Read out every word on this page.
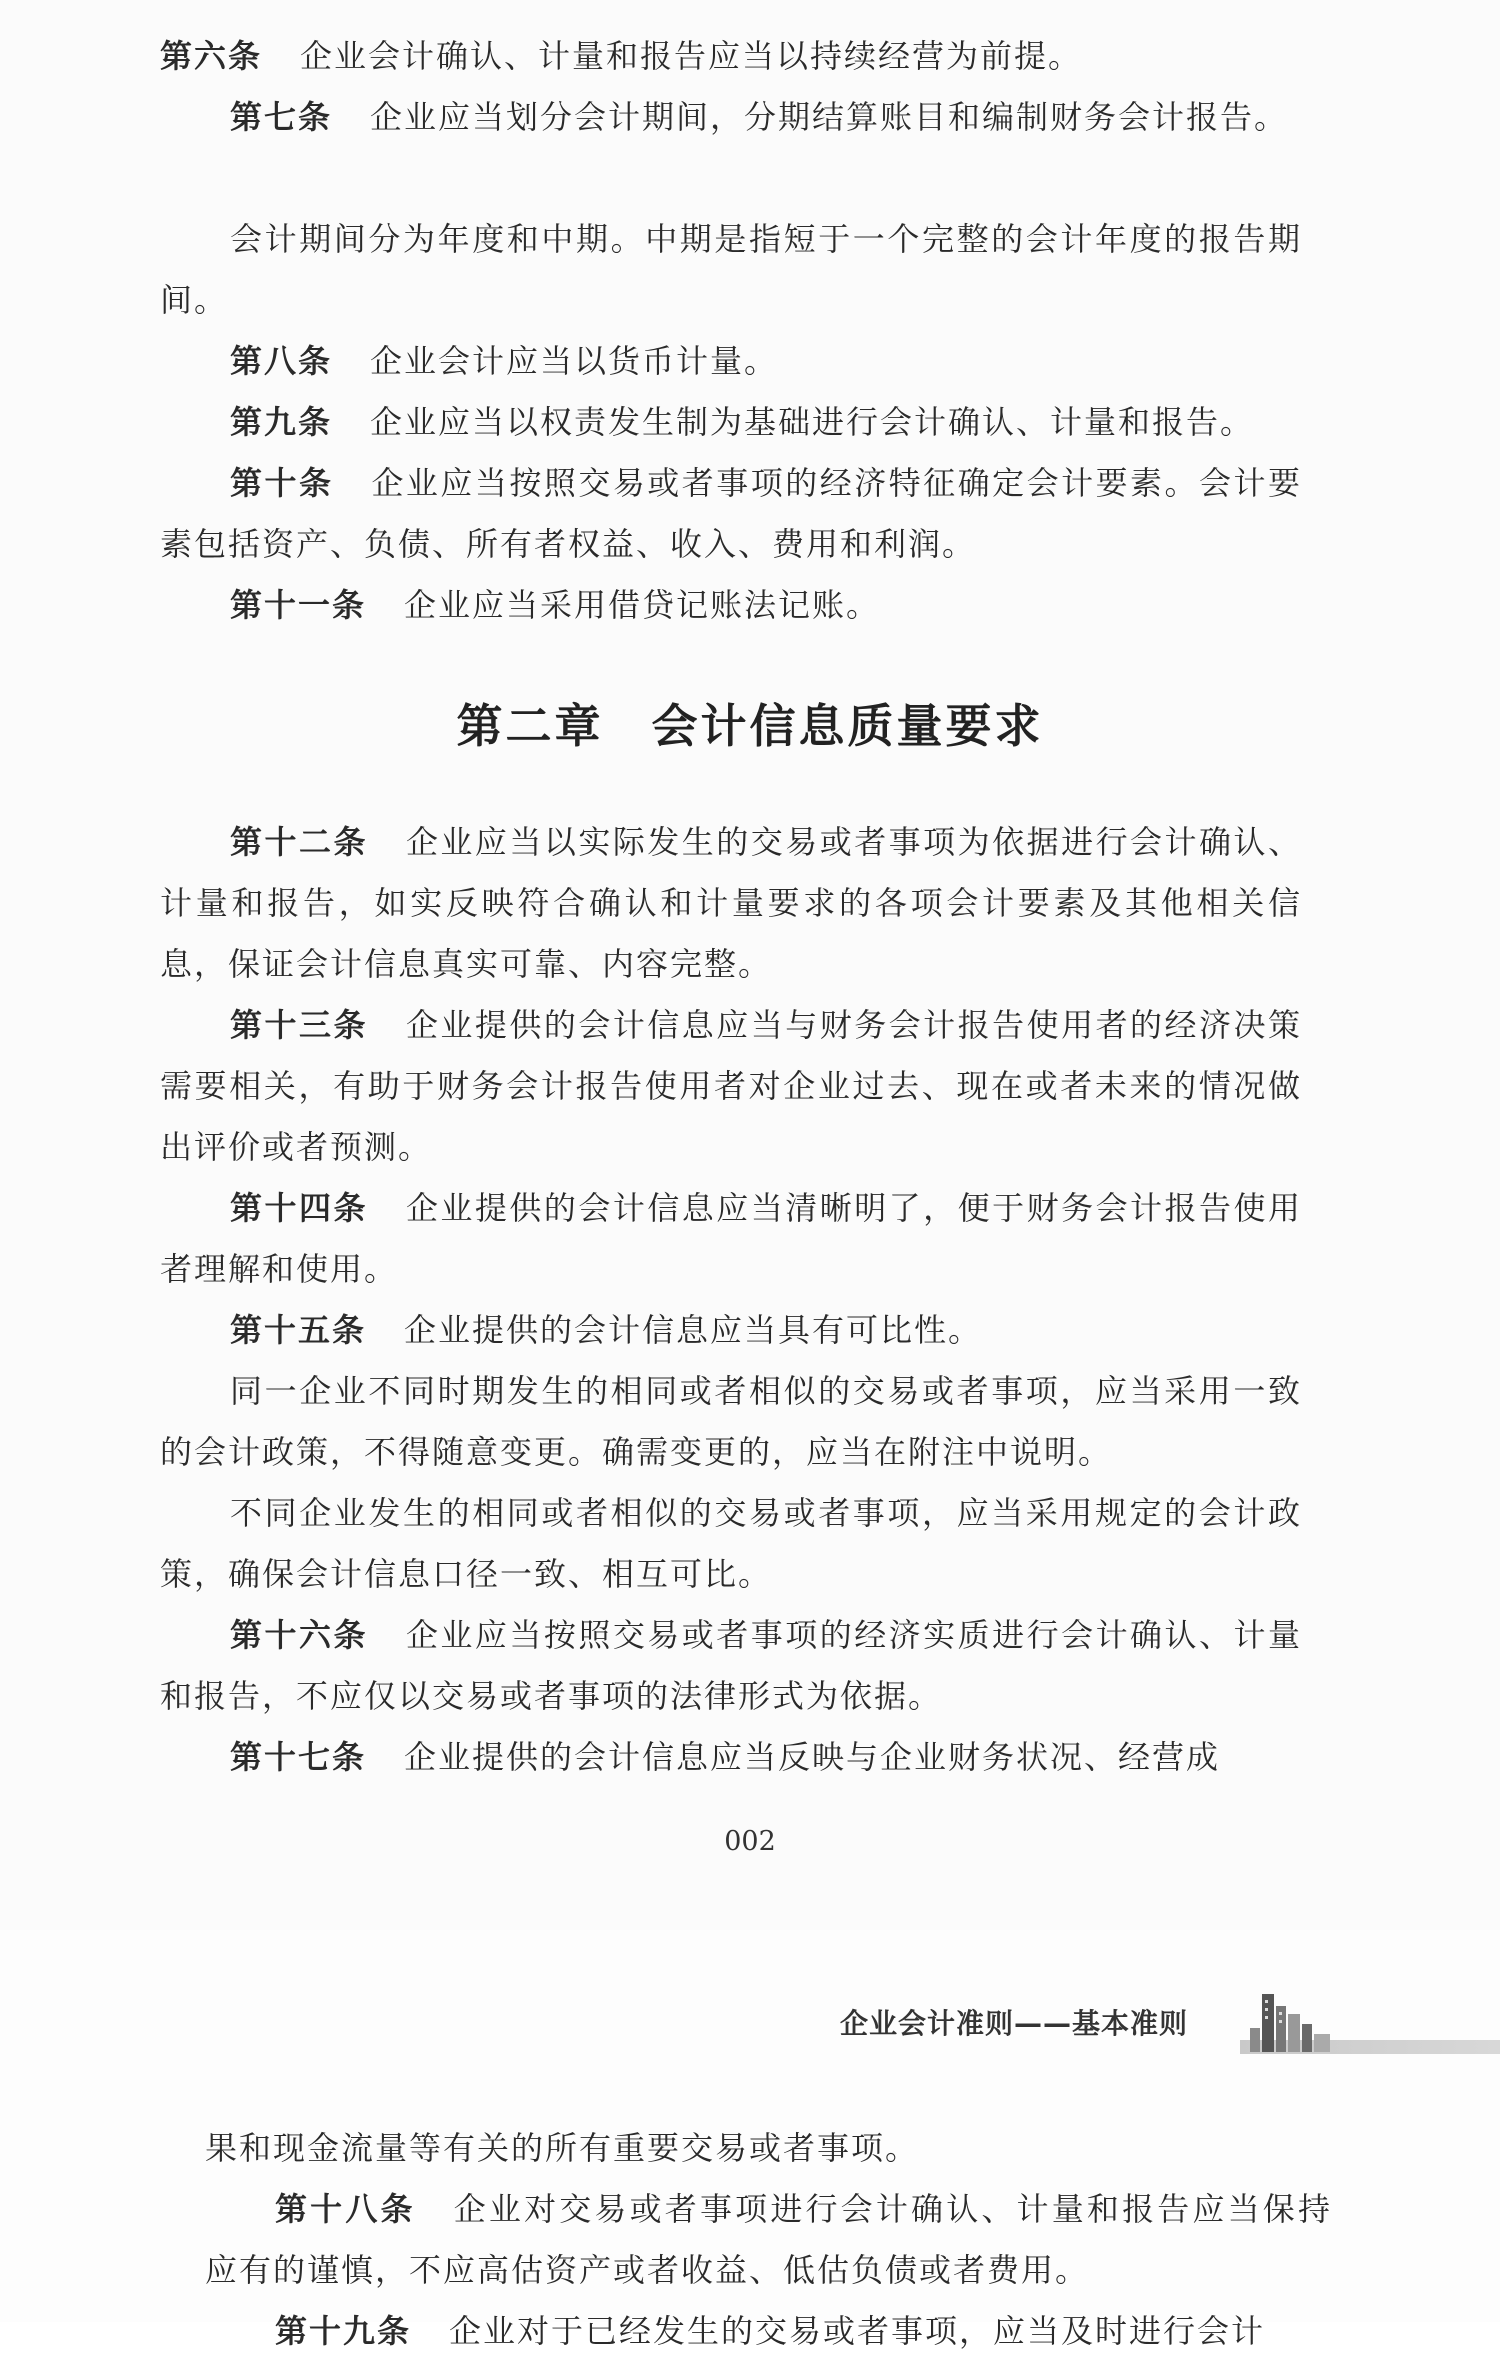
第六条 企业会计确认、计量和报告应当以持续经营为前提。
第七条 企业应当划分会计期间，分期结算账目和编制财务会计报告。
会计期间分为年度和中期。中期是指短于一个完整的会计年度的报告期间。
第八条 企业会计应当以货币计量。
第九条 企业应当以权责发生制为基础进行会计确认、计量和报告。
第十条 企业应当按照交易或者事项的经济特征确定会计要素。会计要素包括资产、负债、所有者权益、收入、费用和利润。
第十一条 企业应当采用借贷记账法记账。
第二章 会计信息质量要求
第十二条 企业应当以实际发生的交易或者事项为依据进行会计确认、计量和报告，如实反映符合确认和计量要求的各项会计要素及其他相关信息，保证会计信息真实可靠、内容完整。
第十三条 企业提供的会计信息应当与财务会计报告使用者的经济决策需要相关，有助于财务会计报告使用者对企业过去、现在或者未来的情况做出评价或者预测。
第十四条 企业提供的会计信息应当清晰明了，便于财务会计报告使用者理解和使用。
第十五条 企业提供的会计信息应当具有可比性。
同一企业不同时期发生的相同或者相似的交易或者事项，应当采用一致的会计政策，不得随意变更。确需变更的，应当在附注中说明。
不同企业发生的相同或者相似的交易或者事项，应当采用规定的会计政策，确保会计信息口径一致、相互可比。
第十六条 企业应当按照交易或者事项的经济实质进行会计确认、计量和报告，不应仅以交易或者事项的法律形式为依据。
第十七条 企业提供的会计信息应当反映与企业财务状况、经营成
002
企业会计准则——基本准则
果和现金流量等有关的所有重要交易或者事项。
第十八条 企业对交易或者事项进行会计确认、计量和报告应当保持应有的谨慎，不应高估资产或者收益、低估负债或者费用。
第十九条 企业对于已经发生的交易或者事项，应当及时进行会计
